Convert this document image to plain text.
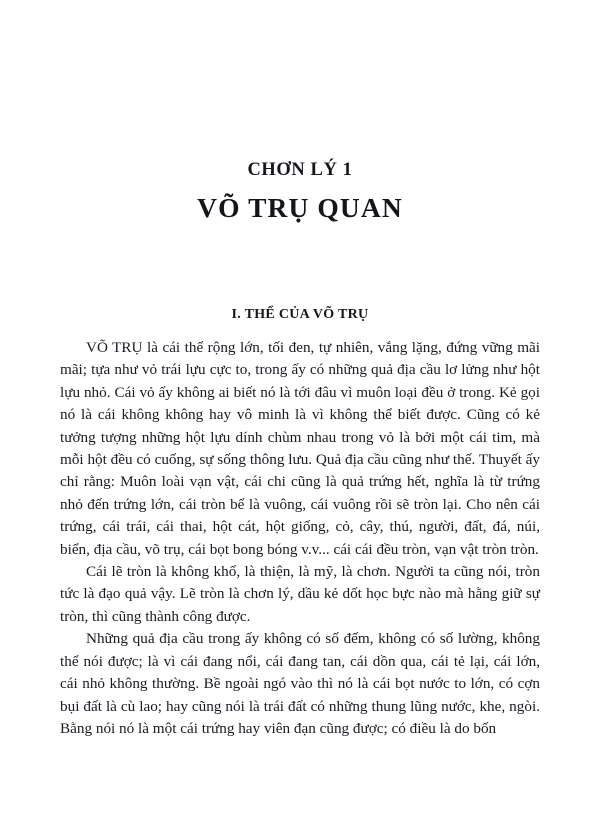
CHƠN LÝ 1
VÕ TRỤ QUAN
I. THỂ CỦA VÕ TRỤ

VÕ TRỤ là cái thể rộng lớn, tối đen, tự nhiên, vắng lặng, đứng vững mãi mãi; tựa như vỏ trái lựu cực to, trong ấy có những quả địa cầu lơ lửng như hột lựu nhỏ. Cái vỏ ấy không ai biết nó là tới đâu vì muôn loại đều ở trong. Kẻ gọi nó là cái không không hay vô minh là vì không thể biết được. Cũng có kẻ tưởng tượng những hột lựu dính chùm nhau trong vỏ là bởi một cái tim, mà mỗi hột đều có cuống, sự sống thông lưu. Quả địa cầu cũng như thế. Thuyết ấy chỉ rằng: Muôn loài vạn vật, cái chi cũng là quả trứng hết, nghĩa là từ trứng nhỏ đến trứng lớn, cái tròn bể là vuông, cái vuông rồi sẽ tròn lại. Cho nên cái trứng, cái trái, cái thai, hột cát, hột giống, cỏ, cây, thú, người, đất, đá, núi, biển, địa cầu, võ trụ, cái bọt bong bóng v.v... cái cái đều tròn, vạn vật tròn tròn.

Cái lẽ tròn là không khổ, là thiện, là mỹ, là chơn. Người ta cũng nói, tròn tức là đạo quả vậy. Lẽ tròn là chơn lý, dầu kẻ dốt học bực nào mà hằng giữ sự tròn, thì cũng thành công được.

Những quả địa cầu trong ấy không có số đếm, không có số lường, không thể nói được; là vì cái đang nổi, cái đang tan, cái dồn qua, cái tẻ lại, cái lớn, cái nhỏ không thường. Bề ngoài ngó vào thì nó là cái bọt nước to lớn, có cợn bụi đất là cù lao; hay cũng nói là trái đất có những thung lũng nước, khe, ngòi. Bằng nói nó là một cái trứng hay viên đạn cũng được; có điều là do bốn
